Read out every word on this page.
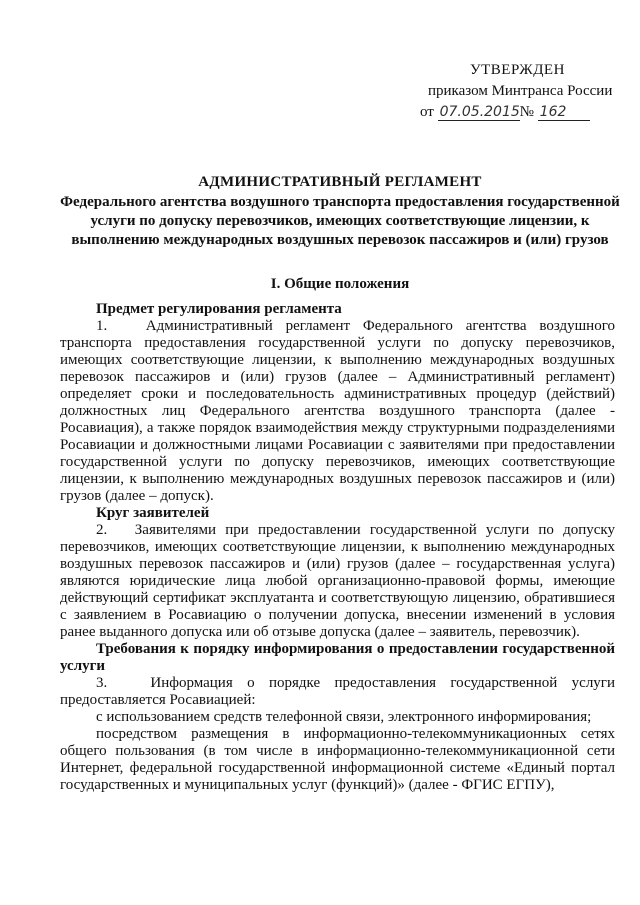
УТВЕРЖДЕН
приказом Минтранса России
от 07.05.2015№ 162
АДМИНИСТРАТИВНЫЙ РЕГЛАМЕНТ
Федерального агентства воздушного транспорта предоставления государственной услуги по допуску перевозчиков, имеющих соответствующие лицензии, к выполнению международных воздушных перевозок пассажиров и (или) грузов
I. Общие положения

Предмет регулирования регламента

1.   Административный регламент Федерального агентства воздушного транспорта предоставления государственной услуги по допуску перевозчиков, имеющих соответствующие лицензии, к выполнению международных воздушных перевозок пассажиров и (или) грузов (далее – Административный регламент) определяет сроки и последовательность административных процедур (действий) должностных лиц Федерального агентства воздушного транспорта (далее - Росавиация), а также порядок взаимодействия между структурными подразделениями Росавиации и должностными лицами Росавиации с заявителями при предоставлении государственной услуги по допуску перевозчиков, имеющих соответствующие лицензии, к выполнению международных воздушных перевозок пассажиров и (или) грузов (далее – допуск).

Круг заявителей

2.   Заявителями при предоставлении государственной услуги по допуску перевозчиков, имеющих соответствующие лицензии, к выполнению международных воздушных перевозок пассажиров и (или) грузов (далее – государственная услуга) являются юридические лица любой организационно-правовой формы, имеющие действующий сертификат эксплуатанта и соответствующую лицензию, обратившиеся с заявлением в Росавиацию о получении допуска, внесении изменений в условия ранее выданного допуска или об отзыве допуска (далее – заявитель, перевозчик).

Требования к порядку информирования о предоставлении государственной услуги

3.   Информация о порядке предоставления государственной услуги предоставляется Росавиацией:

с использованием средств телефонной связи, электронного информирования;

посредством размещения в информационно-телекоммуникационных сетях общего пользования (в том числе в информационно-телекоммуникационной сети Интернет, федеральной государственной информационной системе «Единый портал государственных и муниципальных услуг (функций)» (далее - ФГИС ЕГПУ),
